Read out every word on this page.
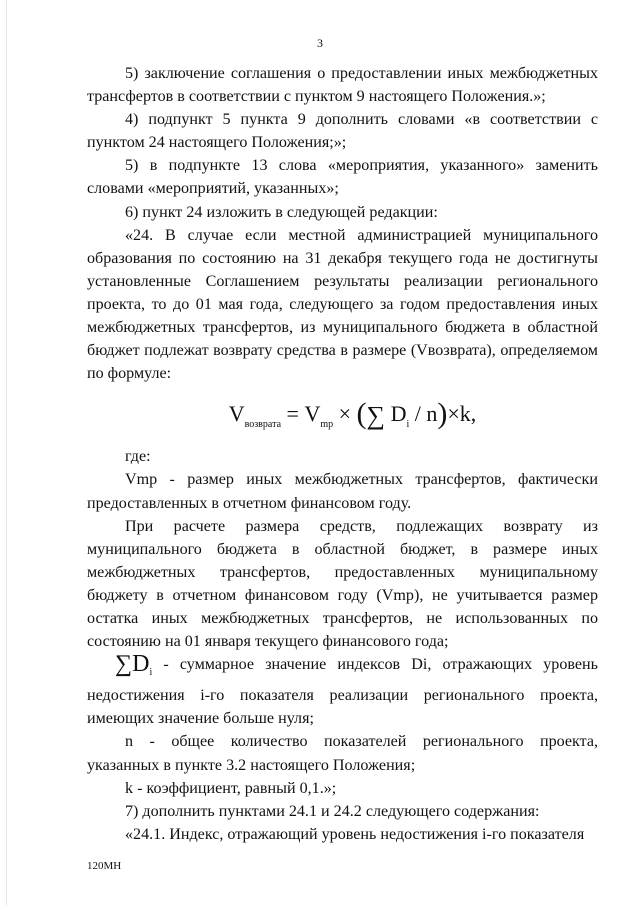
3

5) заключение соглашения о предоставлении иных межбюджетных трансфертов в соответствии с пунктом 9 настоящего Положения.»;

4) подпункт 5 пункта 9 дополнить словами «в соответствии с пунктом 24 настоящего Положения;»;

5) в подпункте 13 слова «мероприятия, указанного» заменить словами «мероприятий, указанных»;

6) пункт 24 изложить в следующей редакции:

«24. В случае если местной администрацией муниципального образования по состоянию на 31 декабря текущего года не достигнуты установленные Соглашением результаты реализации регионального проекта, то до 01 мая года, следующего за годом предоставления иных межбюджетных трансфертов, из муниципального бюджета в областной бюджет подлежат возврату средства в размере (Vвозврата), определяемом по формуле:

$V_{возврата} = V_{mp}$ × (∑ $D_i / n)\times k$,

где:

Vmp - размер иных межбюджетных трансфертов, фактически предоставленных в отчетном финансовом году.

При расчете размера средств, подлежащих возврату из муниципального бюджета в областной бюджет, в размере иных межбюджетных трансфертов, предоставленных муниципальному бюджету в отчетном финансовом году (Vmp), не учитывается размер остатка иных межбюджетных трансфертов, не использованных по состоянию на 01 января текущего финансового года;

$\sum D_i$ - суммарное значение индексов Di, отражающих уровень недостижения i-го показателя реализации регионального проекта, имеющих значение больше нуля;

n - общее количество показателей регионального проекта, указанных в пункте 3.2 настоящего Положения;

k - коэффициент, равный 0,1.»;

7) дополнить пунктами 24.1 и 24.2 следующего содержания:

«24.1. Индекс, отражающий уровень недостижения i-го показателя

120МН
